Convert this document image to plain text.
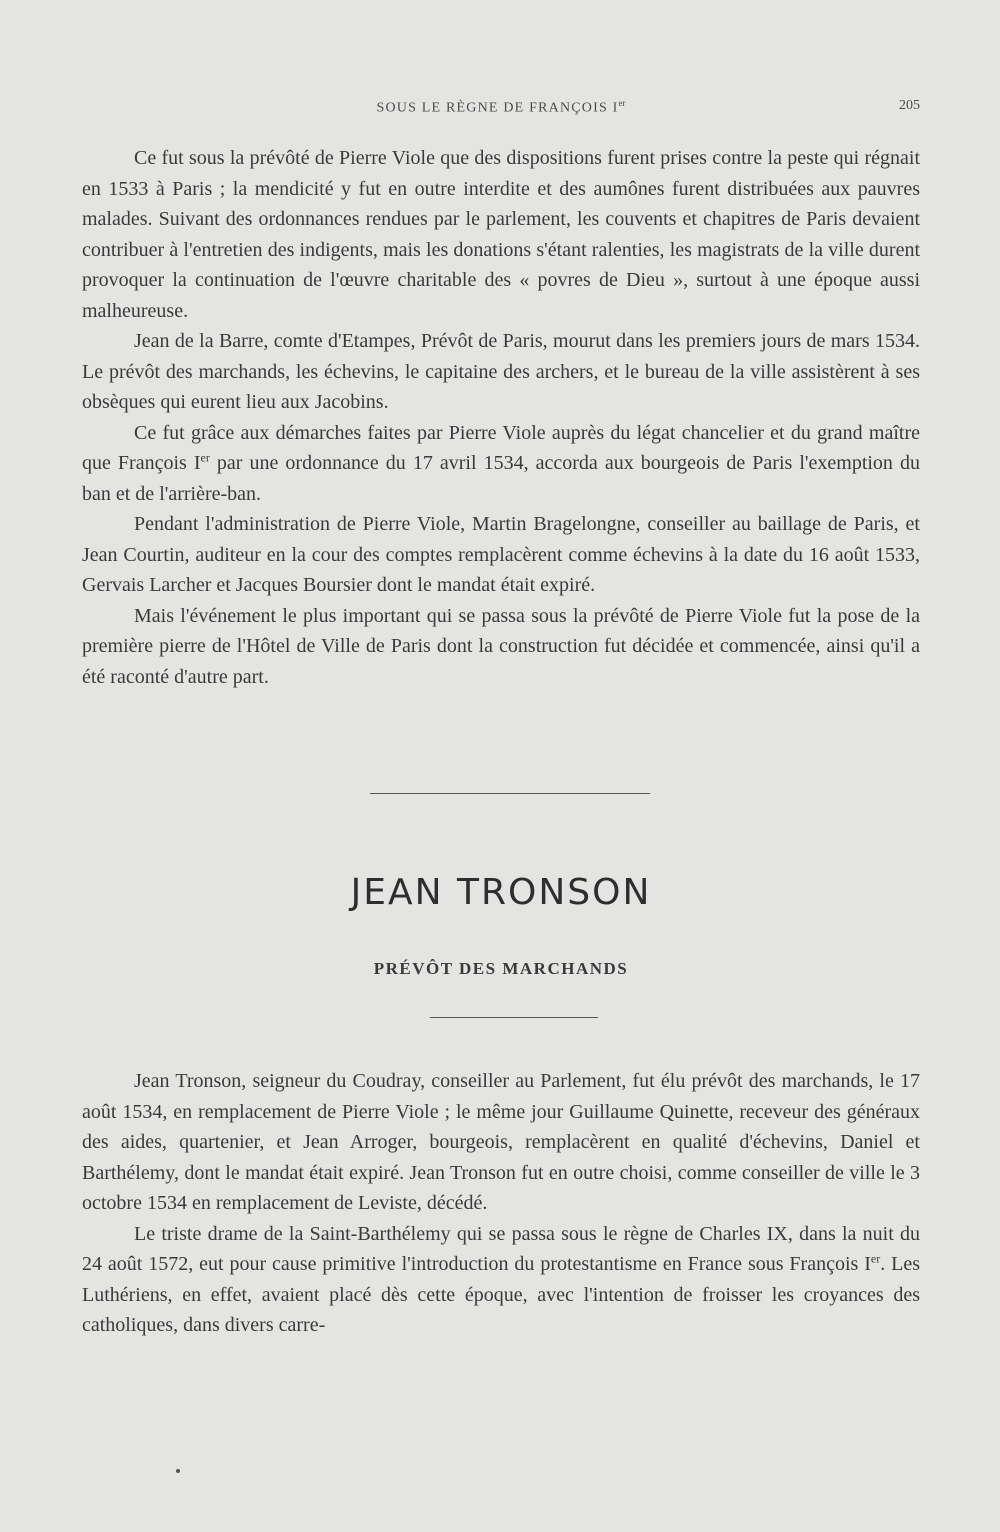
SOUS LE RÈGNE DE FRANÇOIS Ier	205

Ce fut sous la prévôté de Pierre Viole que des dispositions furent prises contre la peste qui régnait en 1533 à Paris ; la mendicité y fut en outre interdite et des aumônes furent distribuées aux pauvres malades. Suivant des ordonnances rendues par le parlement, les couvents et chapitres de Paris devaient contribuer à l'entretien des indigents, mais les donations s'étant ralenties, les magistrats de la ville durent provoquer la continuation de l'œuvre charitable des « povres de Dieu », surtout à une époque aussi malheureuse.

Jean de la Barre, comte d'Etampes, Prévôt de Paris, mourut dans les premiers jours de mars 1534. Le prévôt des marchands, les échevins, le capitaine des archers, et le bureau de la ville assistèrent à ses obsèques qui eurent lieu aux Jacobins.

Ce fut grâce aux démarches faites par Pierre Viole auprès du légat chancelier et du grand maître que François Ier par une ordonnance du 17 avril 1534, accorda aux bourgeois de Paris l'exemption du ban et de l'arrière-ban.

Pendant l'administration de Pierre Viole, Martin Bragelongne, conseiller au baillage de Paris, et Jean Courtin, auditeur en la cour des comptes remplacèrent comme échevins à la date du 16 août 1533, Gervais Larcher et Jacques Boursier dont le mandat était expiré.

Mais l'événement le plus important qui se passa sous la prévôté de Pierre Viole fut la pose de la première pierre de l'Hôtel de Ville de Paris dont la construction fut décidée et commencée, ainsi qu'il a été raconté d'autre part.

JEAN TRONSON
PRÉVÔT DES MARCHANDS

Jean Tronson, seigneur du Coudray, conseiller au Parlement, fut élu prévôt des marchands, le 17 août 1534, en remplacement de Pierre Viole ; le même jour Guillaume Quinette, receveur des généraux des aides, quartenier, et Jean Arroger, bourgeois, remplacèrent en qualité d'échevins, Daniel et Barthélemy, dont le mandat était expiré. Jean Tronson fut en outre choisi, comme conseiller de ville le 3 octobre 1534 en remplacement de Leviste, décédé.

Le triste drame de la Saint-Barthélemy qui se passa sous le règne de Charles IX, dans la nuit du 24 août 1572, eut pour cause primitive l'introduction du protestantisme en France sous François Ier. Les Luthériens, en effet, avaient placé dès cette époque, avec l'intention de froisser les croyances des catholiques, dans divers carre-
